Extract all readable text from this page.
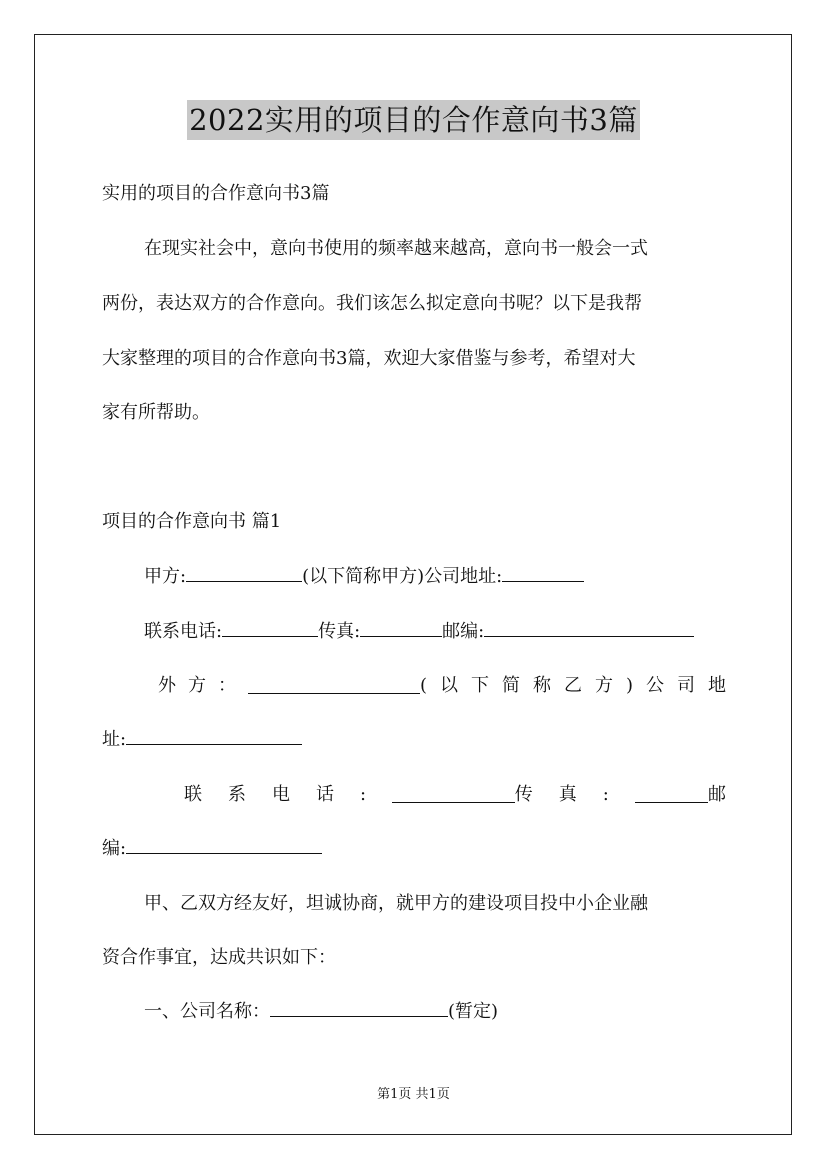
2022实用的项目的合作意向书3篇
实用的项目的合作意向书3篇
在现实社会中，意向书使用的频率越来越高，意向书一般会一式
两份，表达双方的合作意向。我们该怎么拟定意向书呢？以下是我帮
大家整理的项目的合作意向书3篇，欢迎大家借鉴与参考，希望对大
家有所帮助。
项目的合作意向书 篇1
甲方:	(以下简称甲方)公司地址:
联系电话:	传真:	邮编:
外方：	(以下简称乙方)公司地
址:
联系电话:	传真:	邮
编:
甲、乙双方经友好，坦诚协商，就甲方的建设项目投中小企业融
资合作事宜，达成共识如下：
一、公司名称：	(暂定)
第1页 共1页
